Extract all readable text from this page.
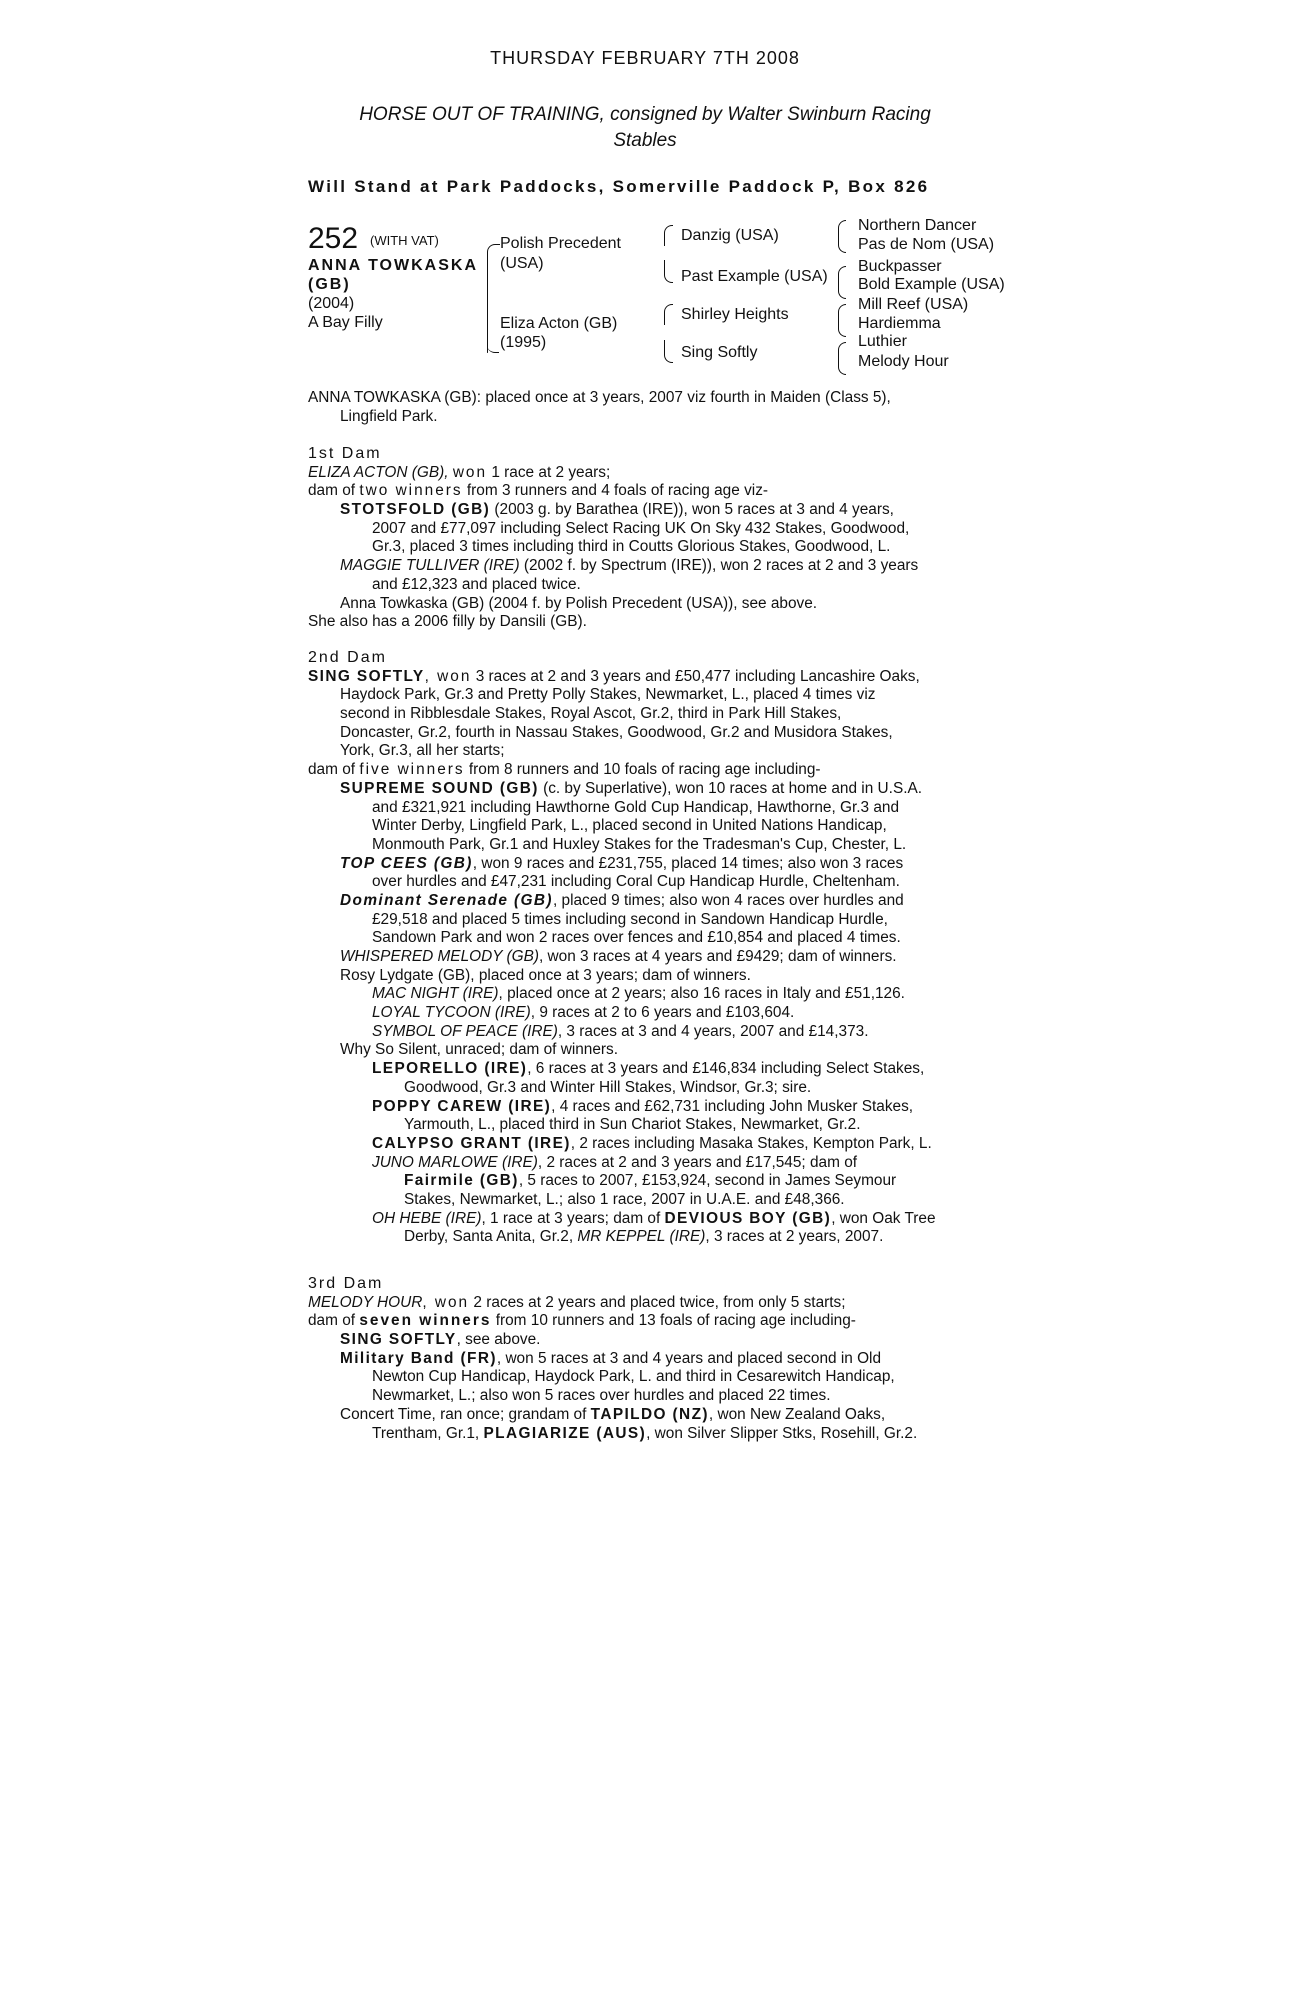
THURSDAY FEBRUARY 7TH 2008
HORSE OUT OF TRAINING, consigned by Walter Swinburn Racing
Stables
Will Stand at Park Paddocks, Somerville Paddock P, Box 826
252 (WITH VAT)
ANNA TOWKASKA
(GB)
(2004)
A Bay Filly
Polish Precedent
(USA)
Eliza Acton (GB)
(1995)
Danzig (USA)
Past Example (USA)
Shirley Heights
Sing Softly
Northern Dancer
Pas de Nom (USA)
Buckpasser
Bold Example (USA)
Mill Reef (USA)
Hardiemma
Luthier
Melody Hour
ANNA TOWKASKA (GB): placed once at 3 years, 2007 viz fourth in Maiden (Class 5),
Lingfield Park.
1st Dam
ELIZA ACTON (GB), won 1 race at 2 years;
dam of two winners from 3 runners and 4 foals of racing age viz-
STOTSFOLD (GB) (2003 g. by Barathea (IRE)), won 5 races at 3 and 4 years,
2007 and £77,097 including Select Racing UK On Sky 432 Stakes, Goodwood,
Gr.3, placed 3 times including third in Coutts Glorious Stakes, Goodwood, L.
MAGGIE TULLIVER (IRE) (2002 f. by Spectrum (IRE)), won 2 races at 2 and 3 years
and £12,323 and placed twice.
Anna Towkaska (GB) (2004 f. by Polish Precedent (USA)), see above.
She also has a 2006 filly by Dansili (GB).
2nd Dam
SING SOFTLY, won 3 races at 2 and 3 years and £50,477 including Lancashire Oaks,
Haydock Park, Gr.3 and Pretty Polly Stakes, Newmarket, L., placed 4 times viz
second in Ribblesdale Stakes, Royal Ascot, Gr.2, third in Park Hill Stakes,
Doncaster, Gr.2, fourth in Nassau Stakes, Goodwood, Gr.2 and Musidora Stakes,
York, Gr.3, all her starts;
dam of five winners from 8 runners and 10 foals of racing age including-
SUPREME SOUND (GB) (c. by Superlative), won 10 races at home and in U.S.A.
and £321,921 including Hawthorne Gold Cup Handicap, Hawthorne, Gr.3 and
Winter Derby, Lingfield Park, L., placed second in United Nations Handicap,
Monmouth Park, Gr.1 and Huxley Stakes for the Tradesman's Cup, Chester, L.
TOP CEES (GB), won 9 races and £231,755, placed 14 times; also won 3 races
over hurdles and £47,231 including Coral Cup Handicap Hurdle, Cheltenham.
Dominant Serenade (GB), placed 9 times; also won 4 races over hurdles and
£29,518 and placed 5 times including second in Sandown Handicap Hurdle,
Sandown Park and won 2 races over fences and £10,854 and placed 4 times.
WHISPERED MELODY (GB), won 3 races at 4 years and £9429; dam of winners.
Rosy Lydgate (GB), placed once at 3 years; dam of winners.
MAC NIGHT (IRE), placed once at 2 years; also 16 races in Italy and £51,126.
LOYAL TYCOON (IRE), 9 races at 2 to 6 years and £103,604.
SYMBOL OF PEACE (IRE), 3 races at 3 and 4 years, 2007 and £14,373.
Why So Silent, unraced; dam of winners.
LEPORELLO (IRE), 6 races at 3 years and £146,834 including Select Stakes,
Goodwood, Gr.3 and Winter Hill Stakes, Windsor, Gr.3; sire.
POPPY CAREW (IRE), 4 races and £62,731 including John Musker Stakes,
Yarmouth, L., placed third in Sun Chariot Stakes, Newmarket, Gr.2.
CALYPSO GRANT (IRE), 2 races including Masaka Stakes, Kempton Park, L.
JUNO MARLOWE (IRE), 2 races at 2 and 3 years and £17,545; dam of
Fairmile (GB), 5 races to 2007, £153,924, second in James Seymour
Stakes, Newmarket, L.; also 1 race, 2007 in U.A.E. and £48,366.
OH HEBE (IRE), 1 race at 3 years; dam of DEVIOUS BOY (GB), won Oak Tree
Derby, Santa Anita, Gr.2, MR KEPPEL (IRE), 3 races at 2 years, 2007.
3rd Dam
MELODY HOUR, won 2 races at 2 years and placed twice, from only 5 starts;
dam of seven winners from 10 runners and 13 foals of racing age including-
SING SOFTLY, see above.
Military Band (FR), won 5 races at 3 and 4 years and placed second in Old
Newton Cup Handicap, Haydock Park, L. and third in Cesarewitch Handicap,
Newmarket, L.; also won 5 races over hurdles and placed 22 times.
Concert Time, ran once; grandam of TAPILDO (NZ), won New Zealand Oaks,
Trentham, Gr.1, PLAGIARIZE (AUS), won Silver Slipper Stks, Rosehill, Gr.2.
